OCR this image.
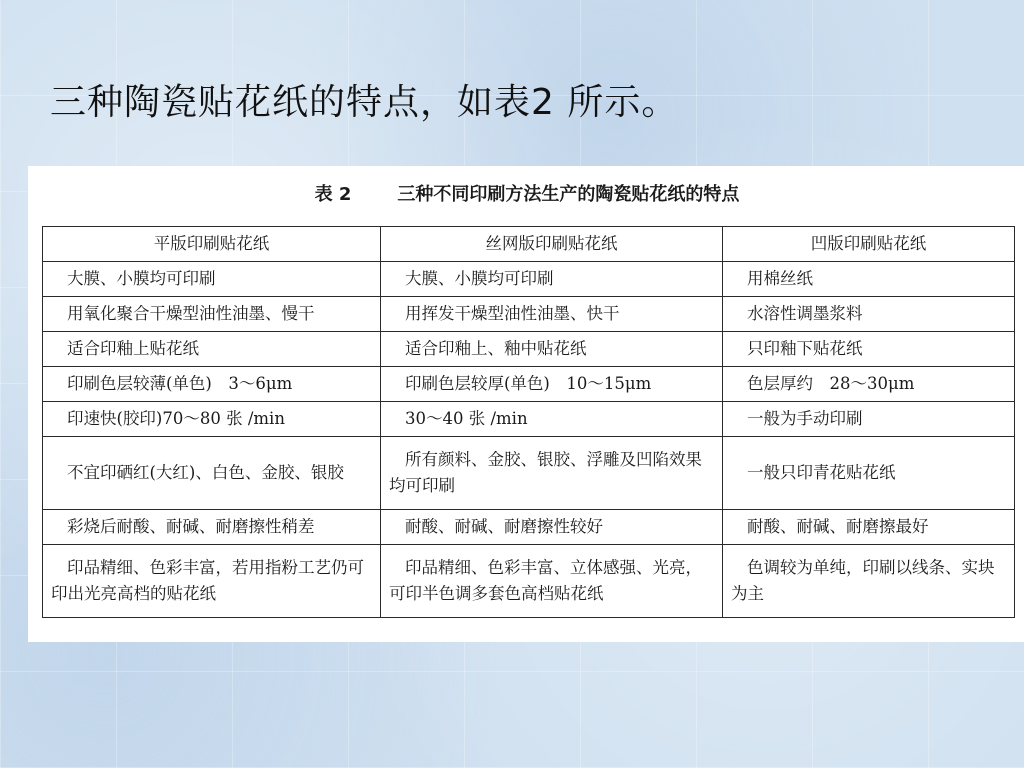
三种陶瓷贴花纸的特点，如表2 所示。
表 2	三种不同印刷方法生产的陶瓷贴花纸的特点
平版印刷贴花纸	丝网版印刷贴花纸	凹版印刷贴花纸
大膜、小膜均可印刷	大膜、小膜均可印刷	用棉丝纸
用氧化聚合干燥型油性油墨、慢干	用挥发干燥型油性油墨、快干	水溶性调墨浆料
适合印釉上贴花纸	适合印釉上、釉中贴花纸	只印釉下贴花纸
印刷色层较薄(单色)　3～6μm	印刷色层较厚(单色)　10～15μm	色层厚约　28～30μm
印速快(胶印)70～80 张 /min	30～40 张 /min	一般为手动印刷
不宜印硒红(大红)、白色、金胶、银胶	所有颜料、金胶、银胶、浮雕及凹陷效果均可印刷	一般只印青花贴花纸
彩烧后耐酸、耐碱、耐磨擦性稍差	耐酸、耐碱、耐磨擦性较好	耐酸、耐碱、耐磨擦最好
印品精细、色彩丰富，若用指粉工艺仍可印出光亮高档的贴花纸	印品精细、色彩丰富、立体感强、光亮，可印半色调多套色高档贴花纸	色调较为单纯，印刷以线条、实块为主
